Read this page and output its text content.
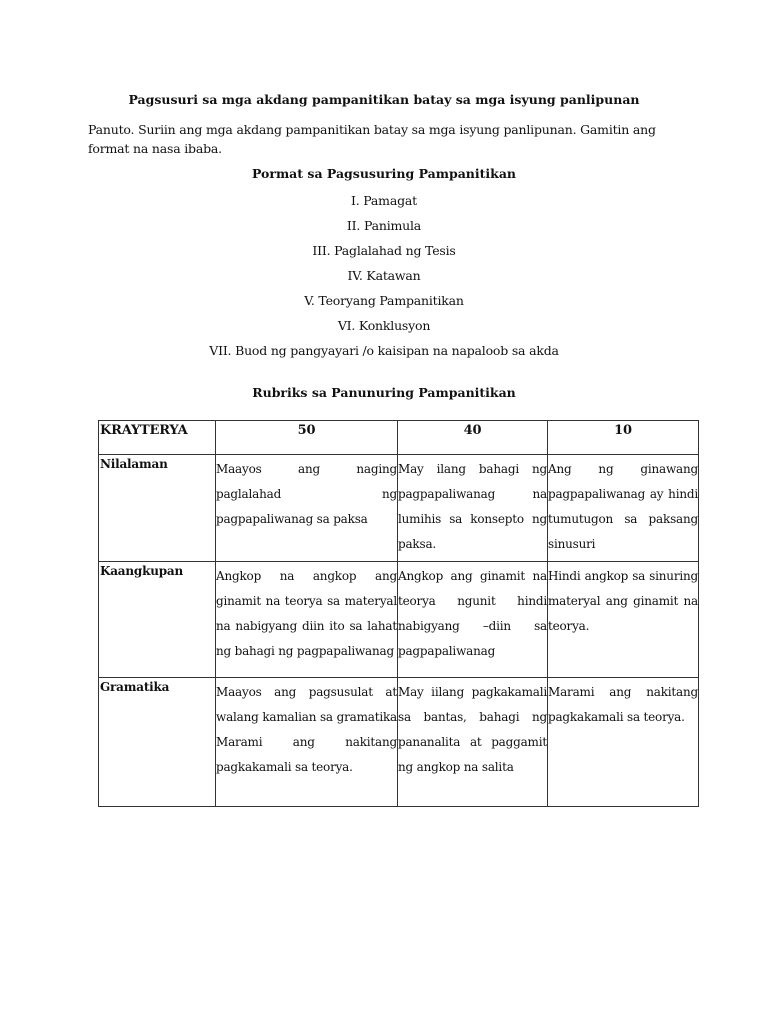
Pagsusuri sa mga akdang pampanitikan batay sa mga isyung panlipunan
Panuto. Suriin ang mga akdang pampanitikan batay sa mga isyung panlipunan. Gamitin ang format na nasa ibaba.
Pormat sa Pagsusuring Pampanitikan
I. Pamagat
II. Panimula
III. Paglalahad ng Tesis
IV. Katawan
V. Teoryang Pampanitikan
VI. Konklusyon
VII. Buod ng pangyayari /o kaisipan na napaloob sa akda
Rubriks sa Panunuring Pampanitikan
KRAYTERYA	50	40	10
Nilalaman	Maayos ang naging paglalahad ng pagpapaliwanag sa paksa	May ilang bahagi ng pagpapaliwanag na lumihis sa konsepto ng paksa.	Ang ng ginawang pagpapaliwanag ay hindi tumutugon sa paksang sinusuri
Kaangkupan	Angkop na angkop ang ginamit na teorya sa materyal na nabigyang diin ito sa lahat ng bahagi ng pagpapaliwanag	Angkop ang ginamit na teorya ngunit hindi nabigyang –diin sa pagpapaliwanag	Hindi angkop sa sinuring materyal ang ginamit na teorya.
Gramatika	Maayos ang pagsusulat at walang kamalian sa gramatika Marami ang nakitang pagkakamali sa teorya.	May iilang pagkakamali sa bantas, bahagi ng pananalita at paggamit ng angkop na salita	Marami ang nakitang pagkakamali sa teorya.
